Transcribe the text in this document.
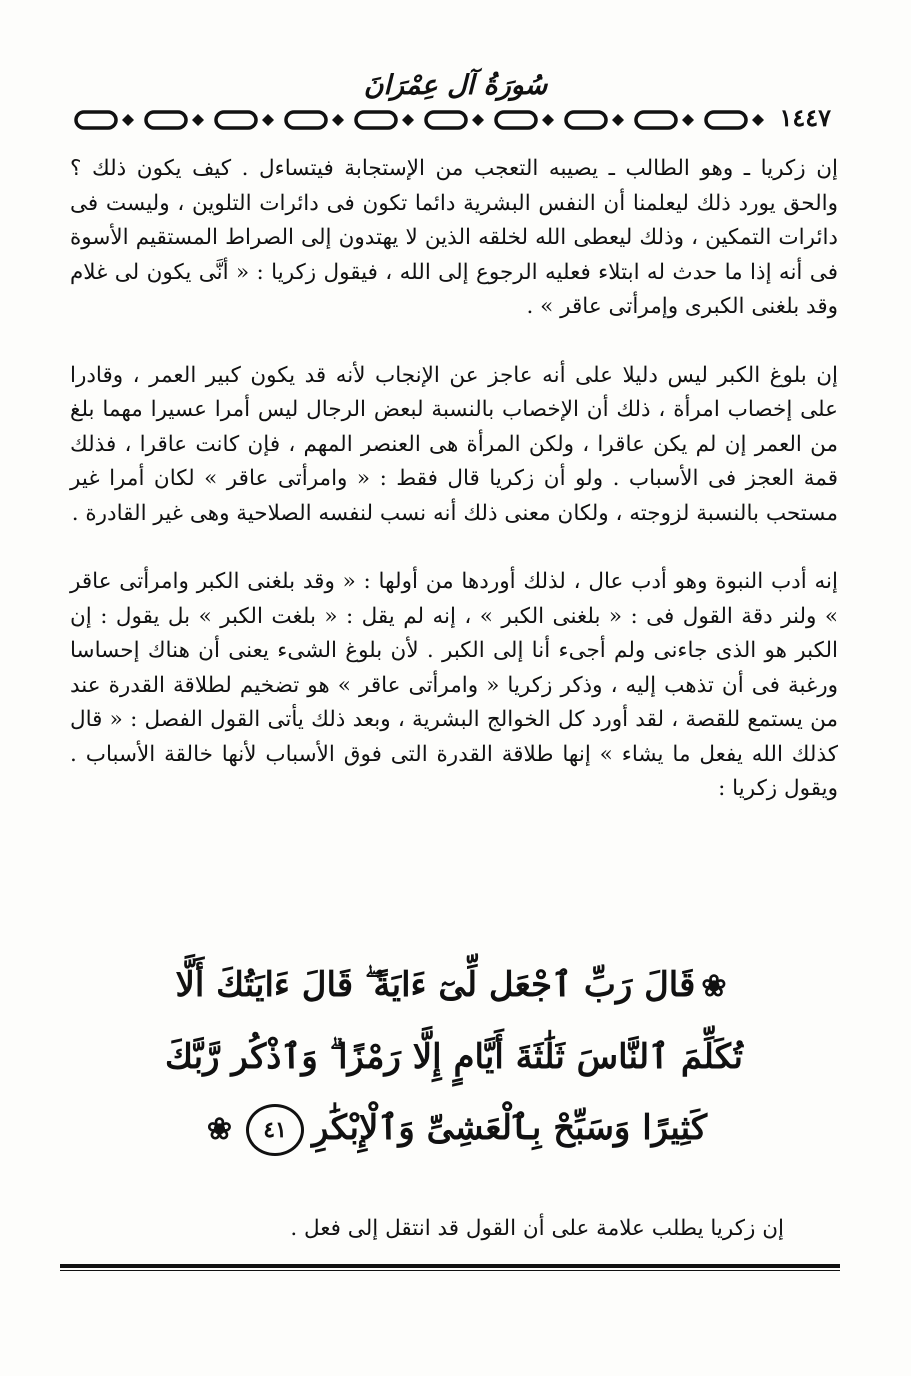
سُورَةُ آل عِمْرَانَ
١٤٤٧

إن زكريا ـ وهو الطالب ـ يصيبه التعجب من الإستجابة فيتساءل . كيف يكون ذلك ؟ والحق يورد ذلك ليعلمنا أن النفس البشرية دائما تكون فى دائرات التلوين ، وليست فى دائرات التمكين ، وذلك ليعطى الله لخلقه الذين لا يهتدون إلى الصراط المستقيم الأسوة فى أنه إذا ما حدث له ابتلاء فعليه الرجوع إلى الله ، فيقول زكريا : « أنَّى يكون لى غلام وقد بلغنى الكبرى وإمرأتى عاقر » .

إن بلوغ الكبر ليس دليلا على أنه عاجز عن الإنجاب لأنه قد يكون كبير العمر ، وقادرا على إخصاب امرأة ، ذلك أن الإخصاب بالنسبة لبعض الرجال ليس أمرا عسيرا مهما بلغ من العمر إن لم يكن عاقرا ، ولكن المرأة هى العنصر المهم ، فإن كانت عاقرا ، فذلك قمة العجز فى الأسباب . ولو أن زكريا قال فقط : « وامرأتى عاقر » لكان أمرا غير مستحب بالنسبة لزوجته ، ولكان معنى ذلك أنه نسب لنفسه الصلاحية وهى غير القادرة .

إنه أدب النبوة وهو أدب عال ، لذلك أوردها من أولها : « وقد بلغنى الكبر وامرأتى عاقر » ولنر دقة القول فى : « بلغنى الكبر » ، إنه لم يقل : « بلغت الكبر » بل يقول : إن الكبر هو الذى جاءنى ولم أجىء أنا إلى الكبر . لأن بلوغ الشىء يعنى أن هناك إحساسا ورغبة فى أن تذهب إليه ، وذكر زكريا « وامرأتى عاقر » هو تضخيم لطلاقة القدرة عند من يستمع للقصة ، لقد أورد كل الخوالج البشرية ، وبعد ذلك يأتى القول الفصل : « قال كذلك الله يفعل ما يشاء » إنها طلاقة القدرة التى فوق الأسباب لأنها خالقة الأسباب . ويقول زكريا :

❀قَالَ رَبِّ ٱجْعَل لِّىٓ ءَايَةً ۖ قَالَ ءَايَتُكَ أَلَّا تُكَلِّمَ ٱلنَّاسَ ثَلَٰثَةَ أَيَّامٍ إِلَّا رَمْزًا ۗ وَٱذْكُر رَّبَّكَ كَثِيرًا وَسَبِّحْ بِٱلْعَشِىِّ وَٱلْإِبْكَٰرِ٤١❀
إن زكريا يطلب علامة على أن القول قد انتقل إلى فعل .
